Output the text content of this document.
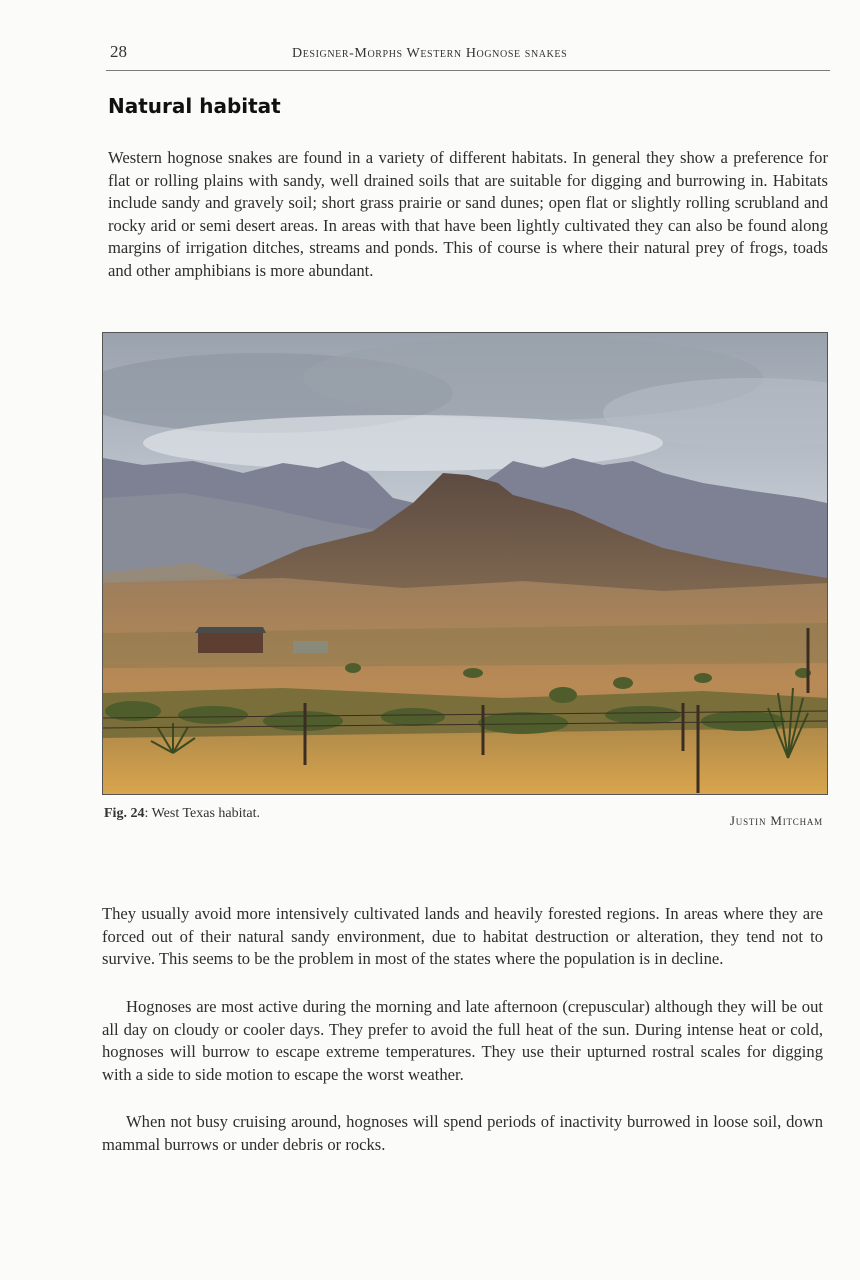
28	Designer-Morphs Western Hognose snakes
Natural habitat

Western hognose snakes are found in a variety of different habitats. In general they show a preference for flat or rolling plains with sandy, well drained soils that are suitable for digging and burrowing in. Habitats include sandy and gravely soil; short grass prairie or sand dunes; open flat or slightly rolling scrubland and rocky arid or semi desert areas. In areas with that have been lightly cultivated they can also be found along margins of irrigation ditches, streams and ponds. This of course is where their natural prey of frogs, toads and other amphibians is more abundant.

Fig. 24: West Texas habitat.	Justin Mitcham

They usually avoid more intensively cultivated lands and heavily forested regions. In areas where they are forced out of their natural sandy environment, due to habitat destruction or alteration, they tend not to survive. This seems to be the problem in most of the states where the population is in decline.

Hognoses are most active during the morning and late afternoon (crepuscular) although they will be out all day on cloudy or cooler days. They prefer to avoid the full heat of the sun. During intense heat or cold, hognoses will burrow to escape extreme temperatures. They use their upturned rostral scales for digging with a side to side motion to escape the worst weather.

When not busy cruising around, hognoses will spend periods of inactivity burrowed in loose soil, down mammal burrows or under debris or rocks.
